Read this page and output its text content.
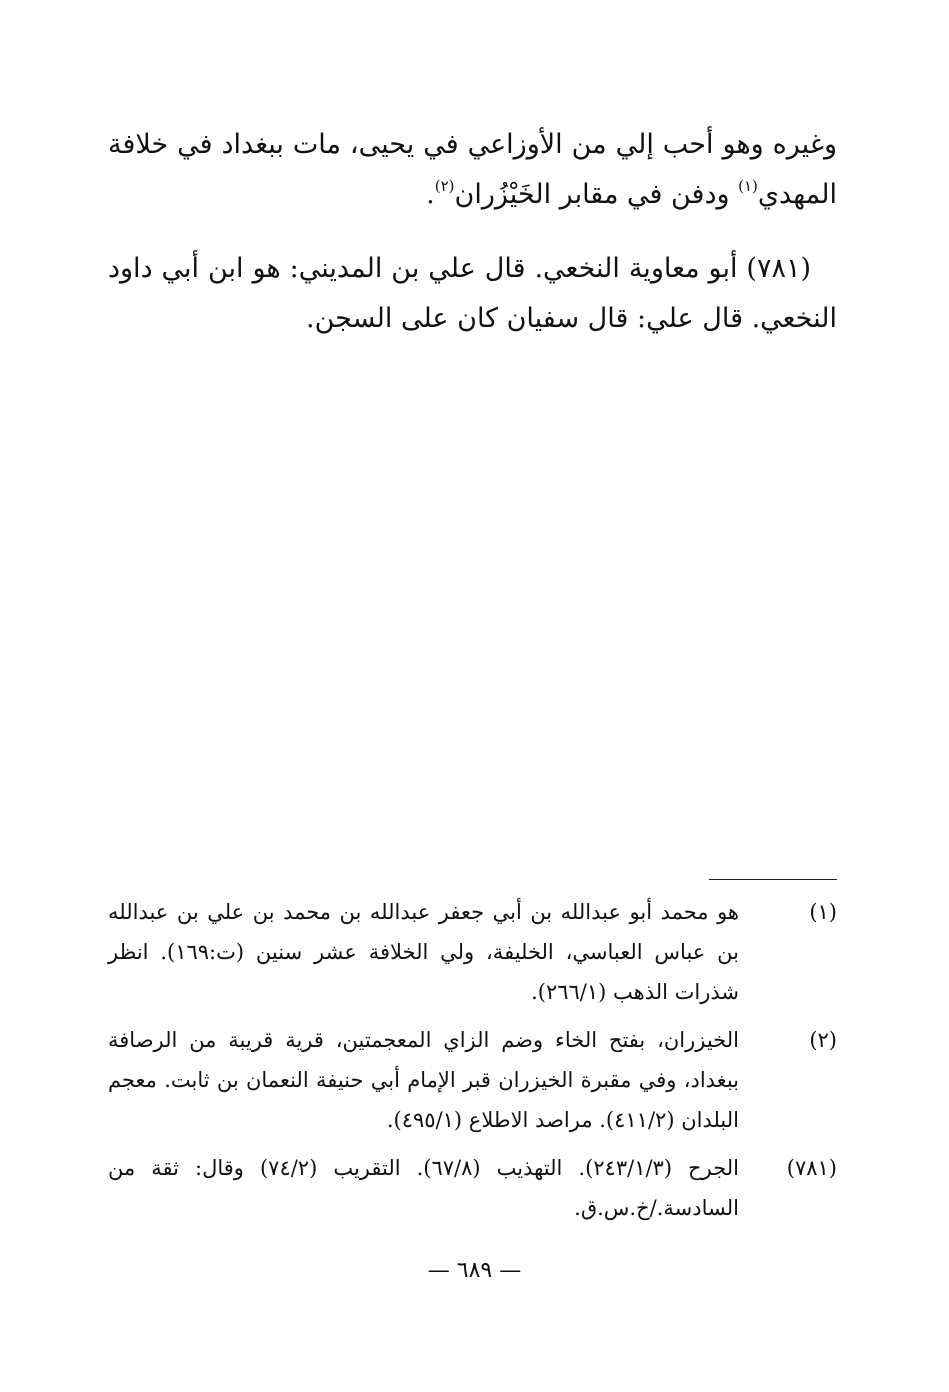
وغيره وهو أحب إلي من الأوزاعي في يحيى، مات ببغداد في خلافة المهدي$^{(١)}$ ودفن في مقابر الخَيْزُران$^{(٢)}$.

(٧٨١) أبو معاوية النخعي. قال علي بن المديني: هو ابن أبي داود النخعي. قال علي: قال سفيان كان على السجن.

(١)
هو محمد أبو عبدالله بن أبي جعفر عبدالله بن محمد بن علي بن عبدالله بن عباس العباسي، الخليفة، ولي الخلافة عشر سنين (ت:١٦٩). انظر شذرات الذهب (٢٦٦/١).
(٢)
الخيزران، بفتح الخاء وضم الزاي المعجمتين، قرية قريبة من الرصافة ببغداد، وفي مقبرة الخيزران قبر الإمام أبي حنيفة النعمان بن ثابت. معجم البلدان (٤١١/٢). مراصد الاطلاع (٤٩٥/١).
(٧٨١)
الجرح (٢٤٣/١/٣). التهذيب (٦٧/٨). التقريب (٧٤/٢) وقال: ثقة من السادسة./خ.س.ق.
— ٦٨٩ —
